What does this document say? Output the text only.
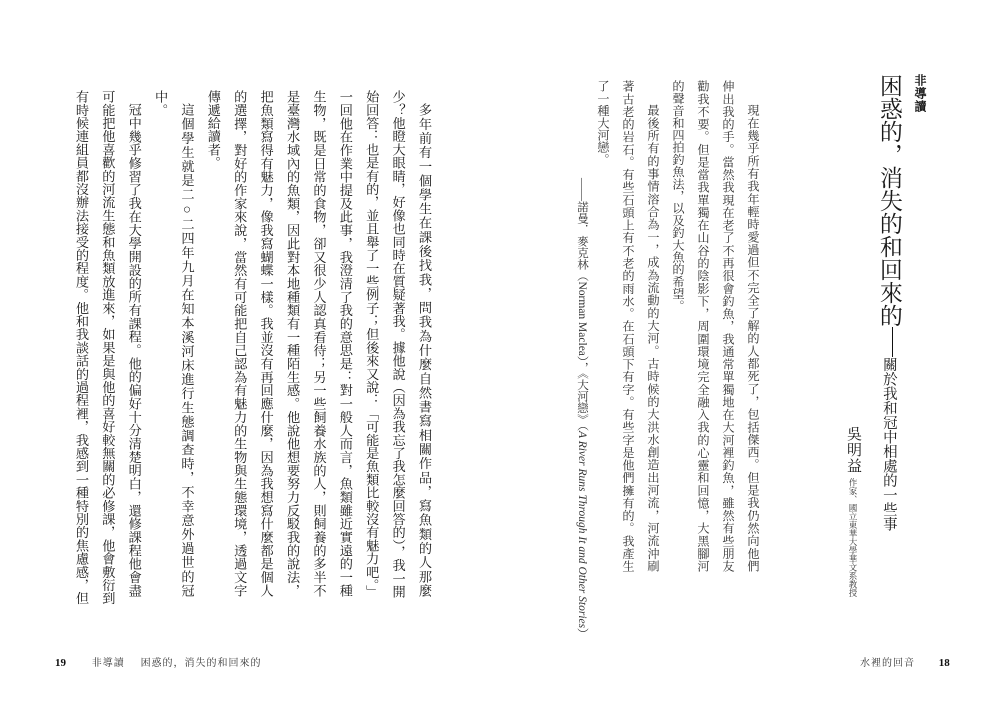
非導讀
困惑的，消失的和回來的關於我和冠中相處的一些事
吳明益作家、國立東華大學華文系教授
現在幾乎所有我年輕時愛過但不完全了解的人都死了，包括傑西。但是我仍然向他們
伸出我的手。當然我現在老了不再很會釣魚，我通常單獨地在大河裡釣魚，雖然有些朋友
勸我不要。但是當我單獨在山谷的陰影下，周圍環境完全融入我的心靈和回憶，大黑腳河
的聲音和四拍釣魚法，以及釣大魚的希望。
最後所有的事情溶合為一，成為流動的大河。古時候的大洪水創造出河流，河流沖刷
著古老的岩石。有些石頭上有不老的雨水。在石頭下有字。有些字是他們擁有的。我產生
了一種大河戀。
——諾曼．麥克林（Norman Maclea），《大河戀》（A River Runs Through It and Other Stories）
多年前有一個學生在課後找我，問我為什麼自然書寫相關作品，寫魚類的人那麼
少？他瞪大眼睛，好像也同時在質疑著我。據他說（因為我忘了我怎麼回答的），我一開
始回答：也是有的，並且舉了一些例子；但後來又說：「可能是魚類比較沒有魅力吧。」
一回他在作業中提及此事，我澄清了我的意思是：對一般人而言，魚類雖近實遠的一種
生物，既是日常的食物，卻又很少人認真看待；另一些飼養水族的人，則飼養的多半不
是臺灣水域內的魚類，因此對本地種類有一種陌生感。他說他想要努力反駁我的說法，
把魚類寫得有魅力，像我寫蝴蝶一樣。我並沒有再回應什麼，因為我想寫什麼都是個人
的選擇，對好的作家來說，當然有可能把自己認為有魅力的生物與生態環境，透過文字
傳遞給讀者。
這個學生就是二○二四年九月在知本溪河床進行生態調查時，不幸意外過世的冠
中。
冠中幾乎修習了我在大學開設的所有課程。他的偏好十分清楚明白，還修課程他會盡
可能把他喜歡的河流生態和魚類放進來，如果是與他的喜好較無關的必修課，他會敷衍到
有時候連組員都沒辦法接受的程度。他和我談話的過程裡，我感到一種特別的焦慮感，但
19	非導讀 困惑的，消失的和回來的	水裡的回音 18
